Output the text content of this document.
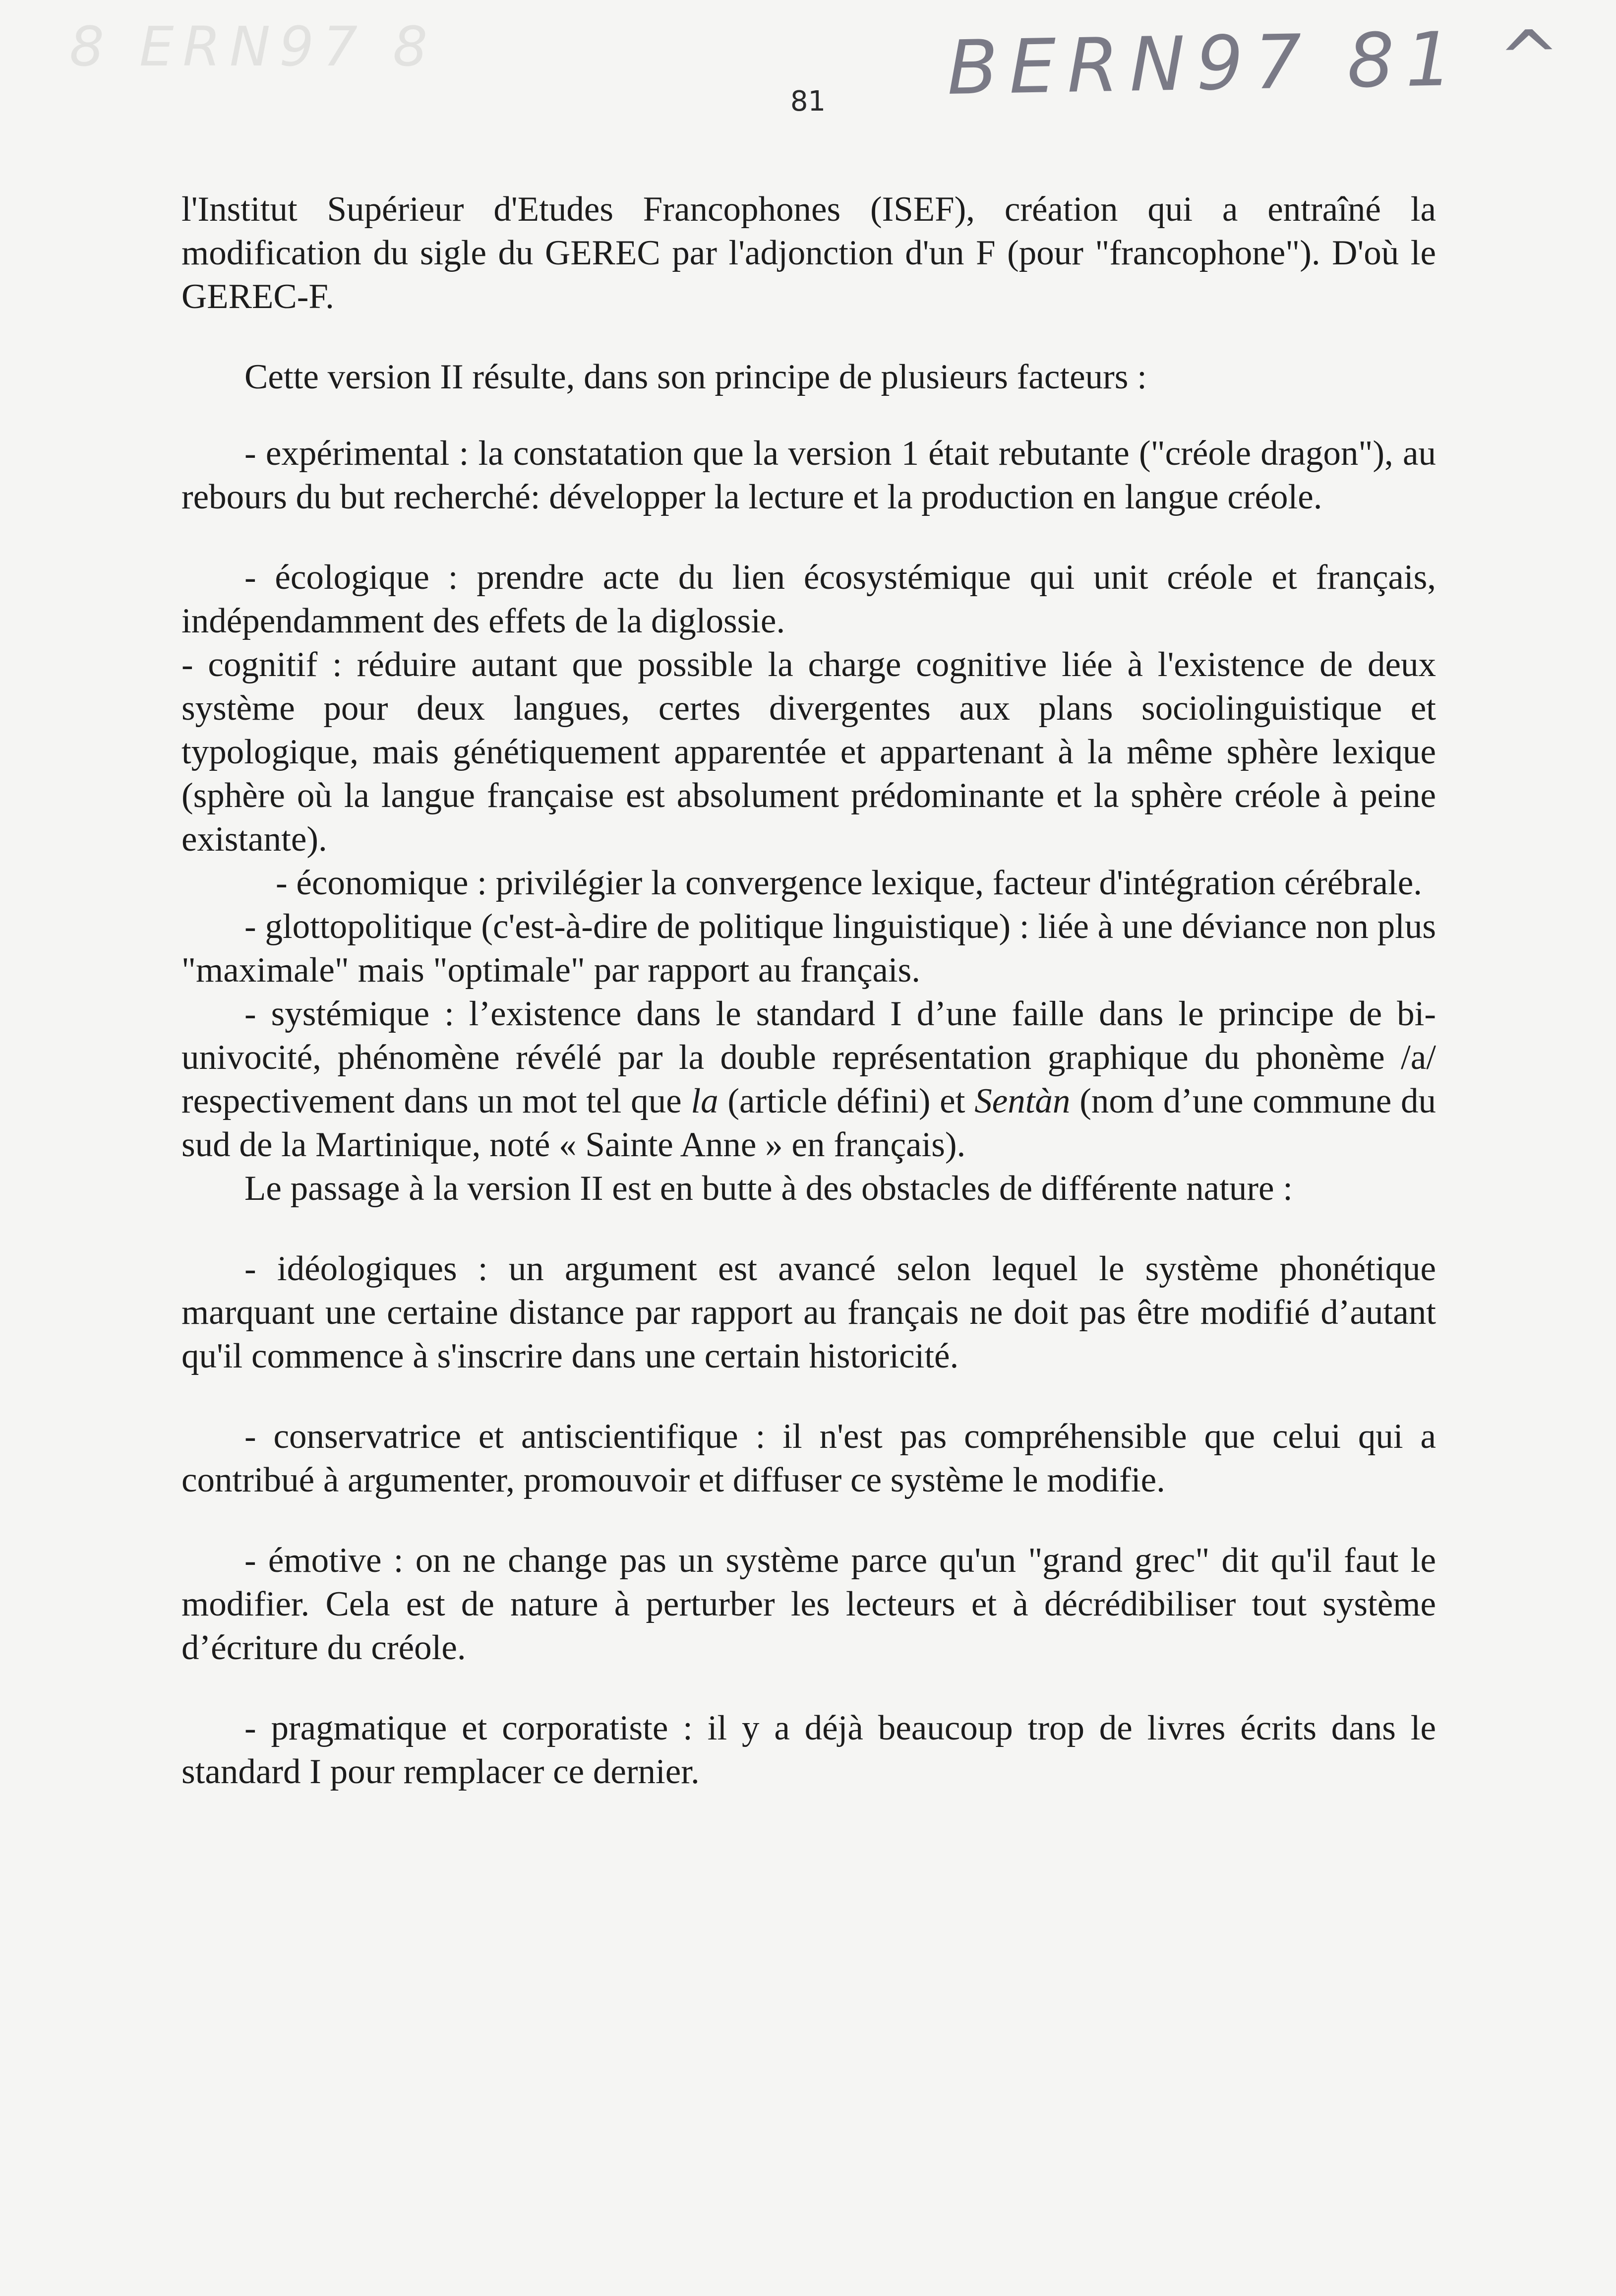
8 ERN97 8	BERN97 81 ^
81

l'Institut Supérieur d'Etudes Francophones (ISEF), création qui a entraîné la modification du sigle du GEREC par l'adjonction d'un F (pour "francophone"). D'où le GEREC-F.

Cette version II résulte, dans son principe de plusieurs facteurs :

- expérimental : la constatation que la version 1 était rebutante ("créole dragon"), au rebours du but recherché: développer la lecture et la production en langue créole.

- écologique : prendre acte du lien écosystémique qui unit créole et français, indépendamment des effets de la diglossie.

- cognitif : réduire autant que possible la charge cognitive liée à l'existence de deux système pour deux langues, certes divergentes aux plans sociolinguistique et typologique, mais génétiquement apparentée et appartenant à la même sphère lexique (sphère où la langue française est absolument prédominante et la sphère créole à peine existante).

- économique : privilégier la convergence lexique, facteur d'intégration cérébrale.

- glottopolitique (c'est-à-dire de politique linguistique) : liée à une déviance non plus "maximale" mais "optimale" par rapport au français.

- systémique : l’existence dans le standard I d’une faille dans le principe de bi-univocité, phénomène révélé par la double représentation graphique du phonème /a/ respectivement dans un mot tel que la (article défini) et Sentàn (nom d’une commune du sud de la Martinique, noté « Sainte Anne » en français).

Le passage à la version II est en butte à des obstacles de différente nature :

- idéologiques : un argument est avancé selon lequel le système phonétique marquant une certaine distance par rapport au français ne doit pas être modifié d’autant qu'il commence à s'inscrire dans une certain historicité.

- conservatrice et antiscientifique : il n'est pas compréhensible que celui qui a contribué à argumenter, promouvoir et diffuser ce système le modifie.

- émotive : on ne change pas un système parce qu'un "grand grec" dit qu'il faut le modifier. Cela est de nature à perturber les lecteurs et à décrédibiliser tout système d’écriture du créole.

- pragmatique et corporatiste : il y a déjà beaucoup trop de livres écrits dans le standard I pour remplacer ce dernier.
